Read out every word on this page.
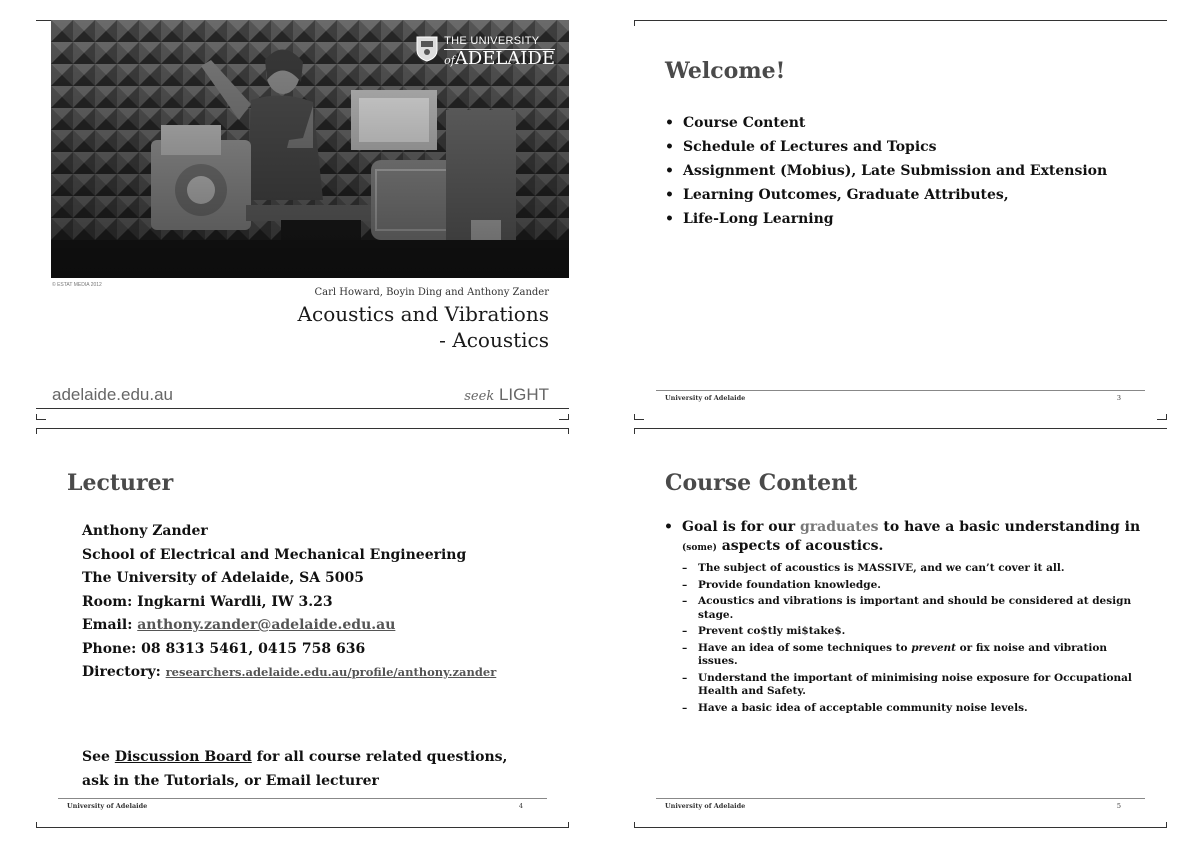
THE UNIVERSITY
ofADELAIDE
© ESTAT MEDIA 2012
Carl Howard, Boyin Ding and Anthony Zander
Acoustics and Vibrations
- Acoustics
adelaide.edu.au	seek LIGHT
Welcome!
• Course Content
• Schedule of Lectures and Topics
• Assignment (Mobius), Late Submission and Extension
• Learning Outcomes, Graduate Attributes,
• Life-Long Learning
University of Adelaide	3
Lecturer
Anthony Zander
School of Electrical and Mechanical Engineering
The University of Adelaide, SA 5005
Room: Ingkarni Wardli, IW 3.23
Email: anthony.zander@adelaide.edu.au
Phone: 08 8313 5461, 0415 758 636
Directory: researchers.adelaide.edu.au/profile/anthony.zander
See Discussion Board for all course related questions,
ask in the Tutorials, or Email lecturer
University of Adelaide	4
Course Content
• Goal is for our graduates to have a basic understanding in (some) aspects of acoustics.
– The subject of acoustics is MASSIVE, and we can’t cover it all.
– Provide foundation knowledge.
– Acoustics and vibrations is important and should be considered at design stage.
– Prevent co$tly mi$take$.
– Have an idea of some techniques to prevent or fix noise and vibration issues.
– Understand the important of minimising noise exposure for Occupational Health and Safety.
– Have a basic idea of acceptable community noise levels.
University of Adelaide	5
